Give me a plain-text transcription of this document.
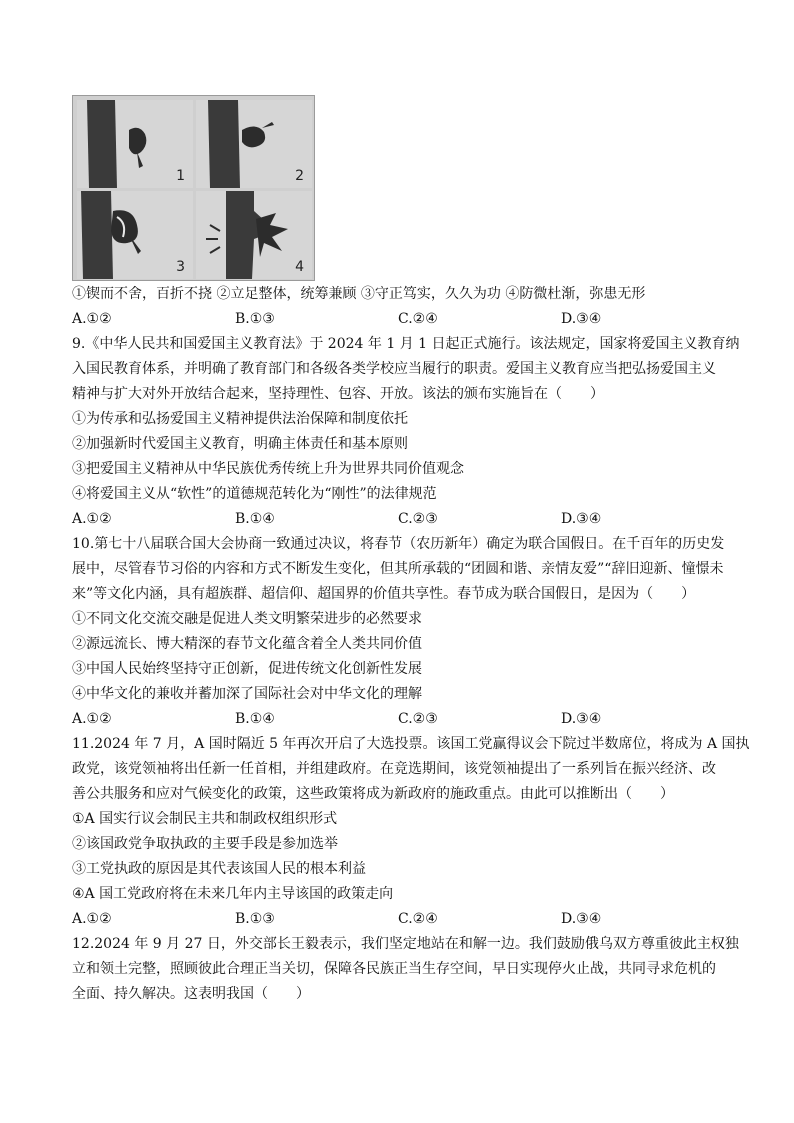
1	2
3	4
①锲而不舍，百折不挠 ②立足整体，统筹兼顾 ③守正笃实，久久为功 ④防微杜渐，弥患无形
A.①②	B.①③	C.②④	D.③④
9.《中华人民共和国爱国主义教育法》于 2024 年 1 月 1 日起正式施行。该法规定，国家将爱国主义教育纳
入国民教育体系，并明确了教育部门和各级各类学校应当履行的职责。爱国主义教育应当把弘扬爱国主义
精神与扩大对外开放结合起来，坚持理性、包容、开放。该法的颁布实施旨在（　　）
①为传承和弘扬爱国主义精神提供法治保障和制度依托
②加强新时代爱国主义教育，明确主体责任和基本原则
③把爱国主义精神从中华民族优秀传统上升为世界共同价值观念
④将爱国主义从“软性”的道德规范转化为“刚性”的法律规范
A.①②	B.①④	C.②③	D.③④
10.第七十八届联合国大会协商一致通过决议，将春节（农历新年）确定为联合国假日。在千百年的历史发
展中，尽管春节习俗的内容和方式不断发生变化，但其所承载的“团圆和谐、亲情友爱”“辞旧迎新、憧憬未
来”等文化内涵，具有超族群、超信仰、超国界的价值共享性。春节成为联合国假日，是因为（　　）
①不同文化交流交融是促进人类文明繁荣进步的必然要求
②源远流长、博大精深的春节文化蕴含着全人类共同价值
③中国人民始终坚持守正创新，促进传统文化创新性发展
④中华文化的兼收并蓄加深了国际社会对中华文化的理解
A.①②	B.①④	C.②③	D.③④
11.2024 年 7 月，A 国时隔近 5 年再次开启了大选投票。该国工党赢得议会下院过半数席位，将成为 A 国执
政党，该党领袖将出任新一任首相，并组建政府。在竞选期间，该党领袖提出了一系列旨在振兴经济、改
善公共服务和应对气候变化的政策，这些政策将成为新政府的施政重点。由此可以推断出（　　）
①A 国实行议会制民主共和制政权组织形式
②该国政党争取执政的主要手段是参加选举
③工党执政的原因是其代表该国人民的根本利益
④A 国工党政府将在未来几年内主导该国的政策走向
A.①②	B.①③	C.②④	D.③④
12.2024 年 9 月 27 日，外交部长王毅表示，我们坚定地站在和解一边。我们鼓励俄乌双方尊重彼此主权独
立和领土完整，照顾彼此合理正当关切，保障各民族正当生存空间，早日实现停火止战，共同寻求危机的
全面、持久解决。这表明我国（　　）
